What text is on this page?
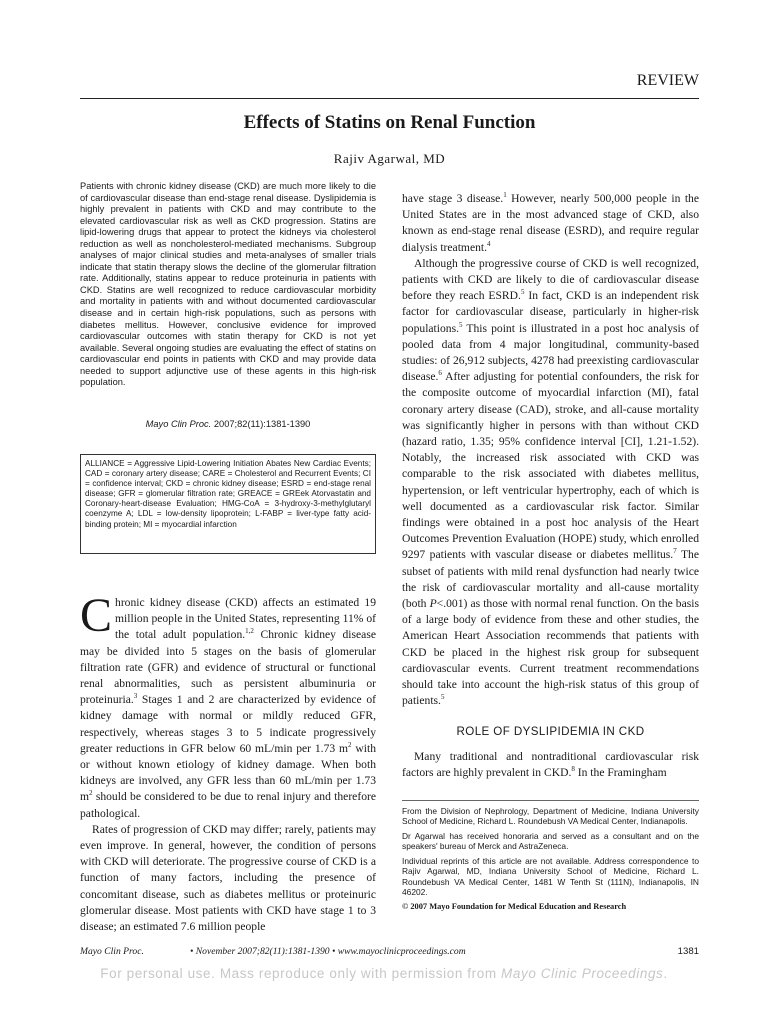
REVIEW
Effects of Statins on Renal Function
Rajiv Agarwal, MD
Patients with chronic kidney disease (CKD) are much more likely to die of cardiovascular disease than end-stage renal disease. Dyslipidemia is highly prevalent in patients with CKD and may contribute to the elevated cardiovascular risk as well as CKD progression. Statins are lipid-lowering drugs that appear to protect the kidneys via cholesterol reduction as well as noncholesterol-mediated mechanisms. Subgroup analyses of major clinical studies and meta-analyses of smaller trials indicate that statin therapy slows the decline of the glomerular filtration rate. Additionally, statins appear to reduce proteinuria in patients with CKD. Statins are well recognized to reduce cardiovascular morbidity and mortality in patients with and without documented cardiovascular disease and in certain high-risk populations, such as persons with diabetes mellitus. However, conclusive evidence for improved cardiovascular outcomes with statin therapy for CKD is not yet available. Several ongoing studies are evaluating the effect of statins on cardiovascular end points in patients with CKD and may provide data needed to support adjunctive use of these agents in this high-risk population.
Mayo Clin Proc. 2007;82(11):1381-1390
ALLIANCE = Aggressive Lipid-Lowering Initiation Abates New Cardiac Events; CAD = coronary artery disease; CARE = Cholesterol and Recurrent Events; CI = confidence interval; CKD = chronic kidney disease; ESRD = end-stage renal disease; GFR = glomerular filtration rate; GREACE = GREek Atorvastatin and Coronary-heart-disease Evaluation; HMG-CoA = 3-hydroxy-3-methylglutaryl coenzyme A; LDL = low-density lipoprotein; L-FABP = liver-type fatty acid-binding protein; MI = myocardial infarction

Chronic kidney disease (CKD) affects an estimated 19 million people in the United States, representing 11% of the total adult population.$^{1,2}$ Chronic kidney disease may be divided into 5 stages on the basis of glomerular filtration rate (GFR) and evidence of structural or functional renal abnormalities, such as persistent albuminuria or proteinuria.$^3$ Stages 1 and 2 are characterized by evidence of kidney damage with normal or mildly reduced GFR, respectively, whereas stages 3 to 5 indicate progressively greater reductions in GFR below 60 mL/min per 1.73 $m^2$ with or without known etiology of kidney damage. When both kidneys are involved, any GFR less than 60 mL/min per 1.73 $m^2$ should be considered to be due to renal injury and therefore pathological.

Rates of progression of CKD may differ; rarely, patients may even improve. In general, however, the condition of persons with CKD will deteriorate. The progressive course of CKD is a function of many factors, including the presence of concomitant disease, such as diabetes mellitus or proteinuric glomerular disease. Most patients with CKD have stage 1 to 3 disease; an estimated 7.6 million people

have stage 3 disease.$^1$ However, nearly 500,000 people in the United States are in the most advanced stage of CKD, also known as end-stage renal disease (ESRD), and require regular dialysis treatment.$^4$

Although the progressive course of CKD is well recognized, patients with CKD are likely to die of cardiovascular disease before they reach ESRD.$^5$ In fact, CKD is an independent risk factor for cardiovascular disease, particularly in higher-risk populations.$^5$ This point is illustrated in a post hoc analysis of pooled data from 4 major longitudinal, community-based studies: of 26,912 subjects, 4278 had preexisting cardiovascular disease.$^6$ After adjusting for potential confounders, the risk for the composite outcome of myocardial infarction (MI), fatal coronary artery disease (CAD), stroke, and all-cause mortality was significantly higher in persons with than without CKD (hazard ratio, 1.35; 95% confidence interval [CI], 1.21-1.52). Notably, the increased risk associated with CKD was comparable to the risk associated with diabetes mellitus, hypertension, or left ventricular hypertrophy, each of which is well documented as a cardiovascular risk factor. Similar findings were obtained in a post hoc analysis of the Heart Outcomes Prevention Evaluation (HOPE) study, which enrolled 9297 patients with vascular disease or diabetes mellitus.$^7$ The subset of patients with mild renal dysfunction had nearly twice the risk of cardiovascular mortality and all-cause mortality (both P<.001) as those with normal renal function. On the basis of a large body of evidence from these and other studies, the American Heart Association recommends that patients with CKD be placed in the highest risk group for subsequent cardiovascular events. Current treatment recommendations should take into account the high-risk status of this group of patients.$^5$

ROLE OF DYSLIPIDEMIA IN CKD

Many traditional and nontraditional cardiovascular risk factors are highly prevalent in CKD.$^8$ In the Framingham

From the Division of Nephrology, Department of Medicine, Indiana University School of Medicine, Richard L. Roundebush VA Medical Center, Indianapolis.

Dr Agarwal has received honoraria and served as a consultant and on the speakers' bureau of Merck and AstraZeneca.

Individual reprints of this article are not available. Address correspondence to Rajiv Agarwal, MD, Indiana University School of Medicine, Richard L. Roundebush VA Medical Center, 1481 W Tenth St (111N), Indianapolis, IN 46202.

© 2007 Mayo Foundation for Medical Education and Research

Mayo Clin Proc.	• November 2007;82(11):1381-1390 • www.mayoclinicproceedings.com	1381
For personal use. Mass reproduce only with permission from Mayo Clinic Proceedings.
